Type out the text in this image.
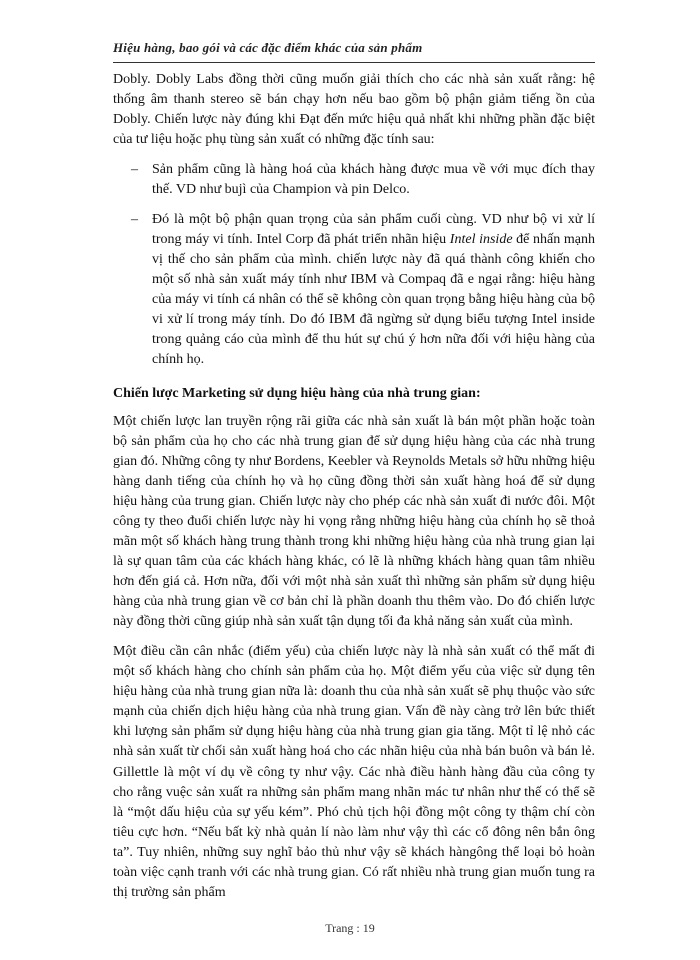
Hiệu hàng, bao gói và các đặc điểm khác của sản phẩm

Dobly. Dobly Labs đồng thời cũng muốn giải thích cho các nhà sản xuất rằng: hệ thống âm thanh stereo sẽ bán chạy hơn nếu bao gồm bộ phận giảm tiếng ồn của Dobly. Chiến lược này đúng khi Đạt đến mức hiệu quả nhất khi những phần đặc biệt của tư liệu hoặc phụ tùng sản xuất có những đặc tính sau:

– Sản phẩm cũng là hàng hoá của khách hàng được mua về với mục đích thay thế. VD như bujì của Champion và pin Delco.

– Đó là một bộ phận quan trọng của sản phẩm cuối cùng. VD như bộ vi xử lí trong máy vi tính. Intel Corp đã phát triển nhãn hiệu Intel inside để nhấn mạnh vị thế cho sản phẩm của mình. chiến lược này đã quá thành công khiến cho một số nhà sản xuất máy tính như IBM và Compaq đã e ngại rằng: hiệu hàng của máy vi tính cá nhân có thể sẽ không còn quan trọng bằng hiệu hàng của bộ vi xử lí trong máy tính. Do đó IBM đã ngừng sử dụng biểu tượng Intel inside trong quảng cáo của mình để thu hút sự chú ý hơn nữa đối với hiệu hàng của chính họ.

Chiến lược Marketing sử dụng hiệu hàng của nhà trung gian:

Một chiến lược lan truyền rộng rãi giữa các nhà sản xuất là bán một phần hoặc toàn bộ sản phẩm của họ cho các nhà trung gian để sử dụng hiệu hàng của các nhà trung gian đó. Những công ty như Bordens, Keebler và Reynolds Metals sở hữu những hiệu hàng danh tiếng của chính họ và họ cũng đồng thời sản xuất hàng hoá để sử dụng hiệu hàng của trung gian. Chiến lược này cho phép các nhà sản xuất đi nước đôi. Một công ty theo đuổi chiến lược này hi vọng rằng những hiệu hàng của chính họ sẽ thoả mãn một số khách hàng trung thành trong khi những hiệu hàng của nhà trung gian lại là sự quan tâm của các khách hàng khác, có lẽ là những khách hàng quan tâm nhiều hơn đến giá cả. Hơn nữa, đối với một nhà sản xuất thì những sản phẩm sử dụng hiệu hàng của nhà trung gian về cơ bản chỉ là phần doanh thu thêm vào. Do đó chiến lược này đồng thời cũng giúp nhà sản xuất tận dụng tối đa khả năng sản xuất của mình.

Một điều cần cân nhắc (điểm yếu) của chiến lược này là nhà sản xuất có thể mất đi một số khách hàng cho chính sản phẩm của họ. Một điểm yếu của việc sử dụng tên hiệu hàng của nhà trung gian nữa là: doanh thu của nhà sản xuất sẽ phụ thuộc vào sức mạnh của chiến dịch hiệu hàng của nhà trung gian. Vấn đề này càng trở lên bức thiết khi lượng sản phẩm sử dụng hiệu hàng của nhà trung gian gia tăng. Một tỉ lệ nhỏ các nhà sản xuất từ chối sản xuất hàng hoá cho các nhãn hiệu của nhà bán buôn và bán lẻ. Gillettle là một ví dụ về công ty như vậy. Các nhà điều hành hàng đầu của công ty cho rằng vuệc sản xuất ra những sản phẩm mang nhãn mác tư nhân như thế có thể sẽ là “một dấu hiệu của sự yếu kém”. Phó chủ tịch hội đồng một công ty thậm chí còn tiêu cực hơn. “Nếu bất kỳ nhà quản lí nào làm như vậy thì các cổ đông nên bắn ông ta”. Tuy nhiên, những suy nghĩ bảo thủ như vậy sẽ khách hàngông thể loại bỏ hoàn toàn việc cạnh tranh với các nhà trung gian. Có rất nhiều nhà trung gian muốn tung ra thị trường sản phẩm

Trang : 19
